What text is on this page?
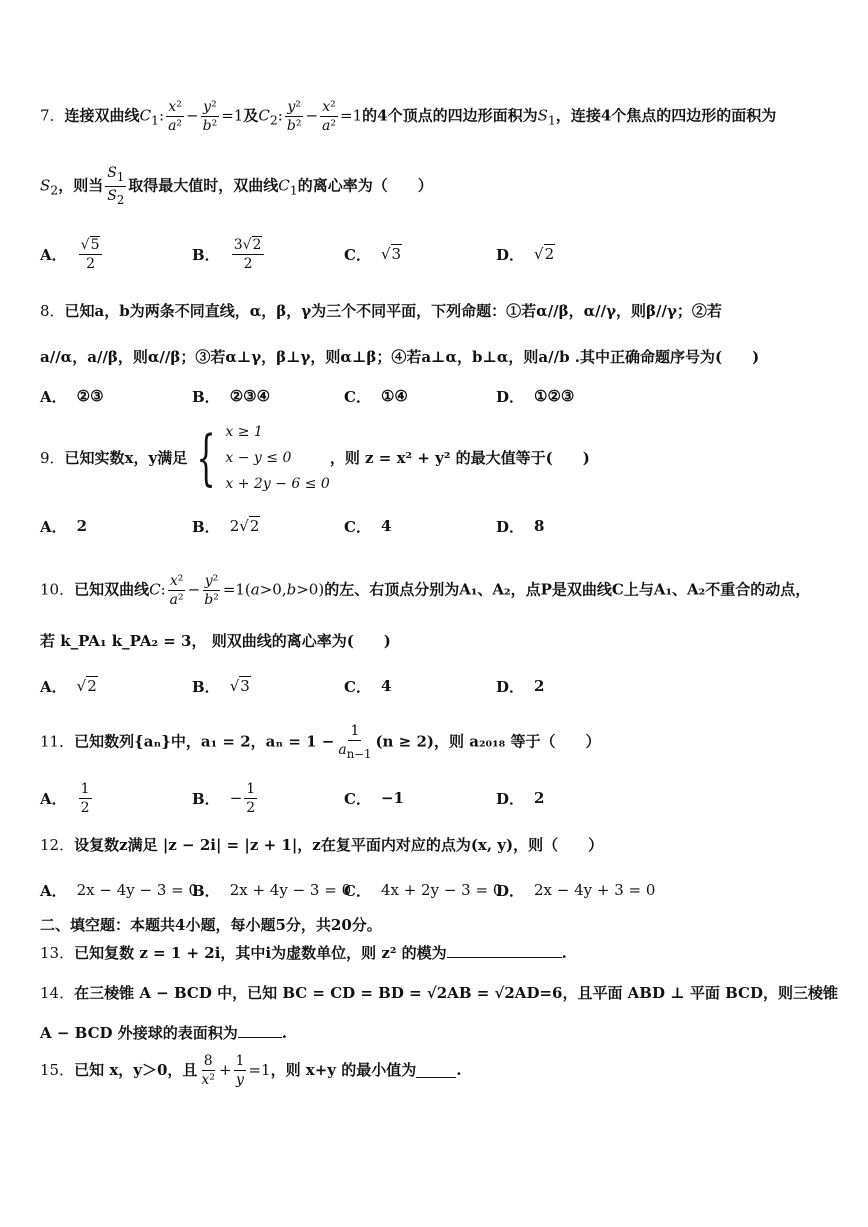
7．连接双曲线$C_1$: $\frac{\text{x²}}{\text{a²}} - \frac{\text{y²}}{\text{b²}} =1$及$C_2$: $\frac{\text{y²}}{\text{b²}} - \frac{\text{x²}}{\text{a²}} =1$的4个顶点的四边形面积为$S_1$，连接4个焦点的四边形的面积为
$S_2$，则当 $\frac{S_1}{S_2}$ 取得最大值时，双曲线$C_1$的离心率为（　　）
A． $\frac{√5}{2}$	B． $\frac{3√2}{2}$	C． √3	D． √2
8．已知a，b为两条不同直线，α，β，γ为三个不同平面，下列命题：①若α//β，α//γ，则β//γ；②若
a//α，a//β，则α//β；③若α⊥γ，β⊥γ，则α⊥β；④若a⊥α，b⊥α，则a//b .其中正确命题序号为(　　)
A． ②③	B． ②③④	C． ①④	D． ①②③
9． 已知实数x，y满足 { x ≥ 1
x − y ≤ 0
x + 2y − 6 ≤ 0
，则 z = x² + y² 的最大值等于(　　)
A． 2	B． 2√2	C． 4	D． 8
10．已知双曲线C: $\frac{\text{x²}}{\text{a²}} - \frac{\text{y²}}{\text{b²}} =1(a>0,b>0)$的左、右顶点分别为A₁、A₂，点P是双曲线C上与A₁、A₂不重合的动点，
若 k_PA₁ k_PA₂ = 3， 则双曲线的离心率为(　　)
A． √2	B． √3	C． 4	D． 2
11．已知数列{aₙ}中，a₁ = 2，$a_n = 1 - \frac{1}{a_{n-1}} (n \ge 2)$，则 a₂₀₁₈ 等于（　　）
A． $\frac{1}{2}$	B． − $\frac{1}{2}$	C． −1	D． 2
12．设复数z满足 |z − 2i| = |z + 1|，z在复平面内对应的点为(x, y)，则（　　）
A． 2x − 4y − 3 = 0
B． 2x + 4y − 3 = 0
C． 4x + 2y − 3 = 0
D． 2x − 4y + 3 = 0
二、填空题：本题共4小题，每小题5分，共20分。
13．已知复数 z = 1 + 2i，其中i为虚数单位，则 z² 的模为	.
14．在三棱锥 A − BCD 中，已知 BC = CD = BD = √2AB = √2AD=6，且平面 ABD ⊥ 平面 BCD，则三棱锥
A − BCD 外接球的表面积为	.
15． 已知 x，y＞0，且 $\frac{8}{\text{x²}} + \frac{1}{y} =1$ ，则 x+y 的最小值为	.
